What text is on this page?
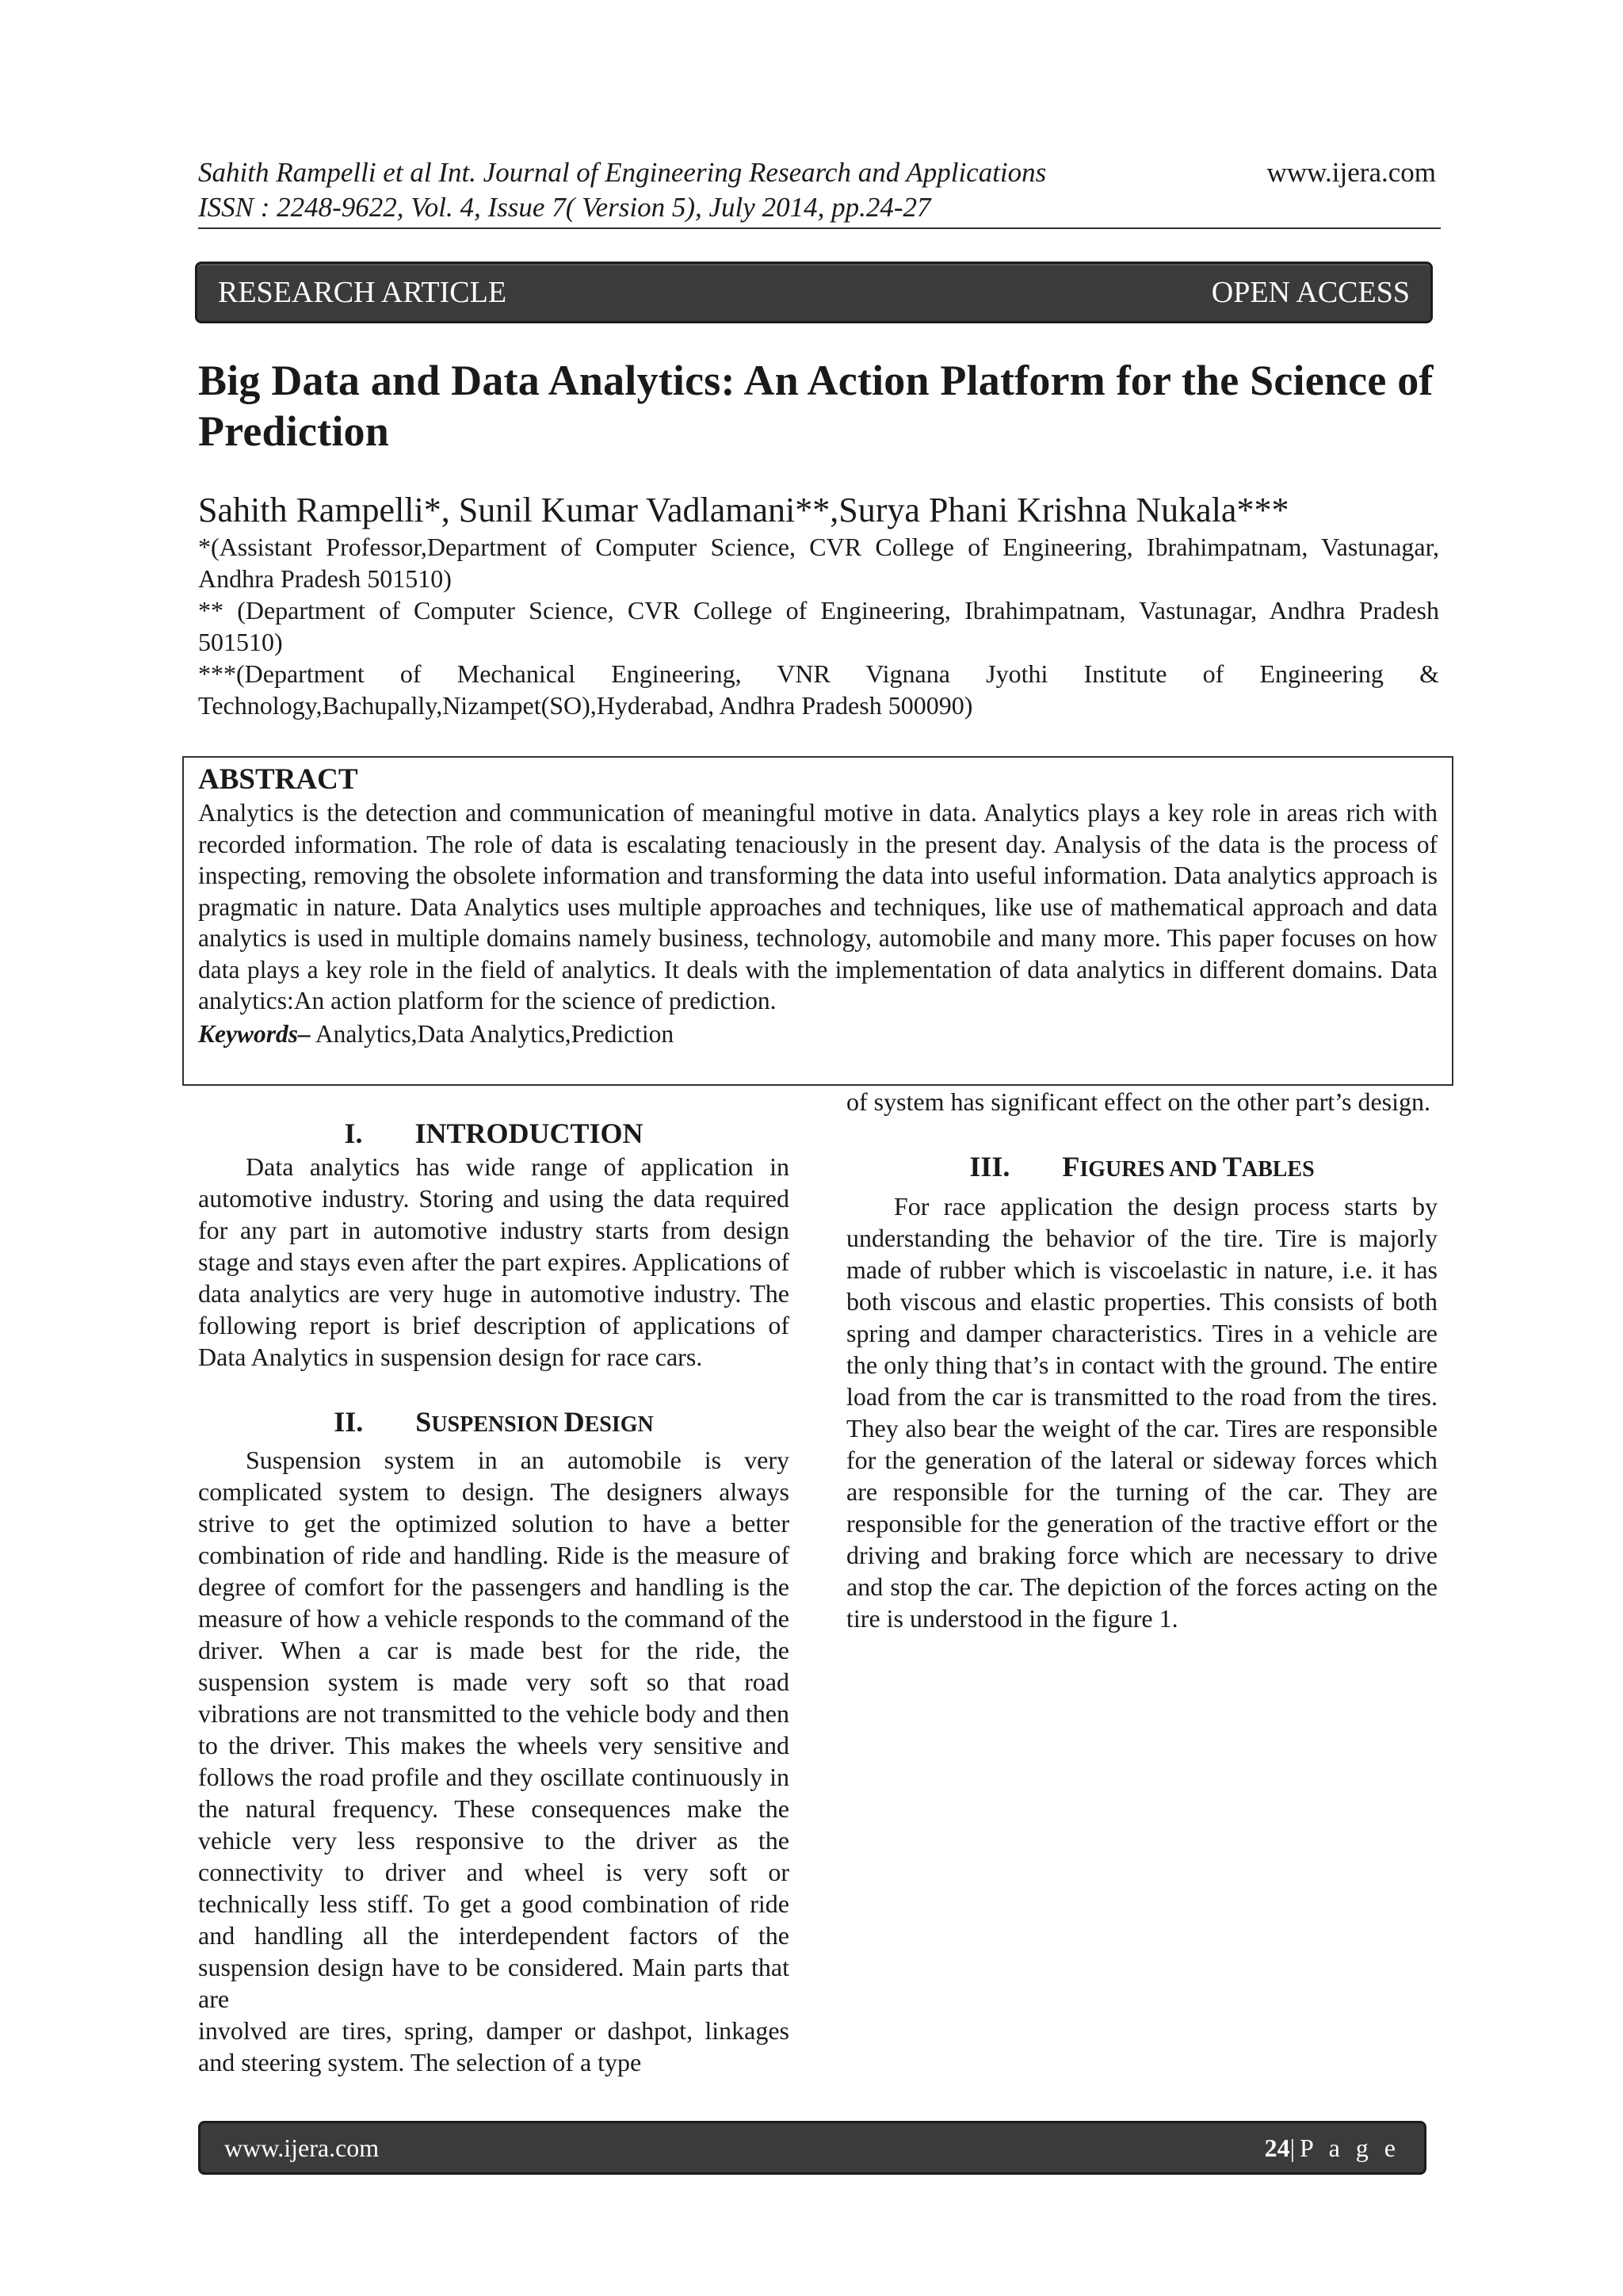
Sahith Rampelli et al Int. Journal of Engineering Research and Applications	www.ijera.com
ISSN : 2248-9622, Vol. 4, Issue 7( Version 5), July 2014, pp.24-27
RESEARCH ARTICLE	OPEN ACCESS
Big Data and Data Analytics: An Action Platform for the Science of Prediction
Sahith Rampelli*, Sunil Kumar Vadlamani**,Surya Phani Krishna Nukala***
*(Assistant Professor,Department of Computer Science, CVR College of Engineering, Ibrahimpatnam, Vastunagar, Andhra Pradesh 501510)
** (Department of Computer Science, CVR College of Engineering, Ibrahimpatnam, Vastunagar, Andhra Pradesh 501510)
***(Department of Mechanical Engineering, VNR Vignana Jyothi Institute of Engineering & Technology,Bachupally,Nizampet(SO),Hyderabad, Andhra Pradesh 500090)
ABSTRACT
Analytics is the detection and communication of meaningful motive in data. Analytics plays a key role in areas rich with recorded information. The role of data is escalating tenaciously in the present day. Analysis of the data is the process of inspecting, removing the obsolete information and transforming the data into useful information. Data analytics approach is pragmatic in nature. Data Analytics uses multiple approaches and techniques, like use of mathematical approach and data analytics is used in multiple domains namely business, technology, automobile and many more. This paper focuses on how data plays a key role in the field of analytics. It deals with the implementation of data analytics in different domains. Data analytics:An action platform for the science of prediction.
Keywords– Analytics,Data Analytics,Prediction
I. INTRODUCTION

Data analytics has wide range of application in automotive industry. Storing and using the data required for any part in automotive industry starts from design stage and stays even after the part expires. Applications of data analytics are very huge in automotive industry. The following report is brief description of applications of Data Analytics in suspension design for race cars.

II. SUSPENSION DESIGN

Suspension system in an automobile is very complicated system to design. The designers always strive to get the optimized solution to have a better combination of ride and handling. Ride is the measure of degree of comfort for the passengers and handling is the measure of how a vehicle responds to the command of the driver. When a car is made best for the ride, the suspension system is made very soft so that road vibrations are not transmitted to the vehicle body and then to the driver. This makes the wheels very sensitive and follows the road profile and they oscillate continuously in the natural frequency. These consequences make the vehicle very less responsive to the driver as the connectivity to driver and wheel is very soft or technically less stiff. To get a good combination of ride and handling all the interdependent factors of the suspension design have to be considered. Main parts that are

involved are tires, spring, damper or dashpot, linkages and steering system. The selection of a type

of system has significant effect on the other part’s design.

III. FIGURES AND TABLES

For race application the design process starts by understanding the behavior of the tire. Tire is majorly made of rubber which is viscoelastic in nature, i.e. it has both viscous and elastic properties. This consists of both spring and damper characteristics. Tires in a vehicle are the only thing that’s in contact with the ground. The entire load from the car is transmitted to the road from the tires. They also bear the weight of the car. Tires are responsible for the generation of the lateral or sideway forces which are responsible for the turning of the car. They are responsible for the generation of the tractive effort or the driving and braking force which are necessary to drive and stop the car. The depiction of the forces acting on the tire is understood in the figure 1.

www.ijera.com	24|P a g e
